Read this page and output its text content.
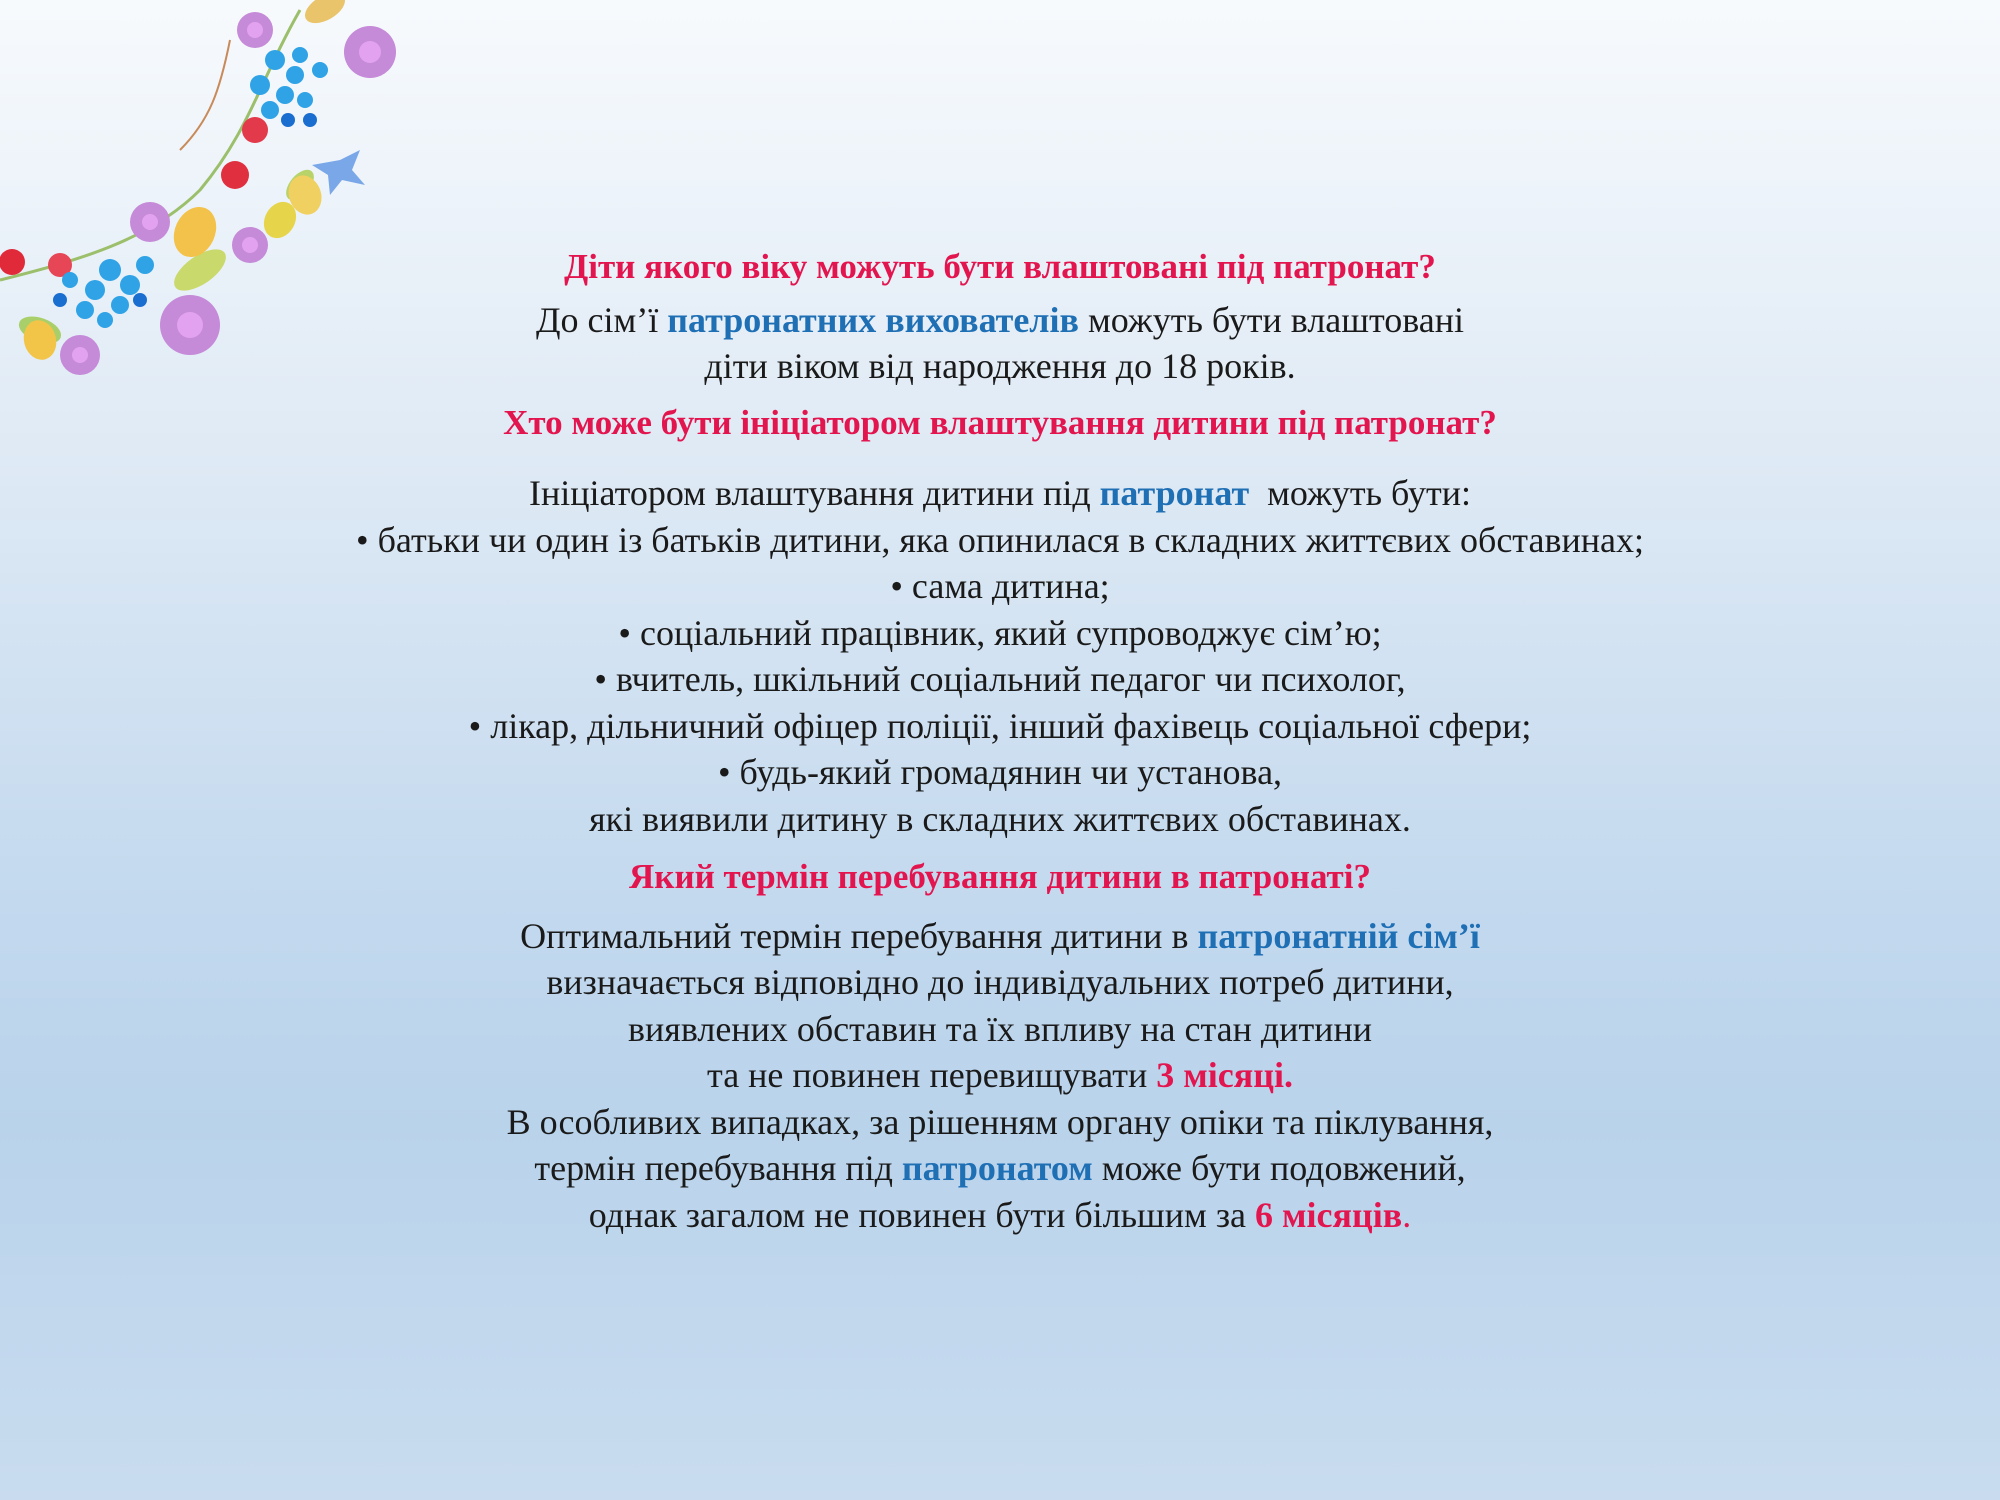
Діти якого віку можуть бути влаштовані під патронат?
До сім’ї патронатних вихователів можуть бути влаштовані
діти віком від народження до 18 років.
Хто може бути ініціатором влаштування дитини під патронат?
Ініціатором влаштування дитини під патронат  можуть бути:
• батьки чи один із батьків дитини, яка опинилася в складних життєвих обставинах;
• сама дитина;
• соціальний працівник, який супроводжує сім’ю;
• вчитель, шкільний соціальний педагог чи психолог,
• лікар, дільничний офіцер поліції, інший фахівець соціальної сфери;
• будь-який громадянин чи установа,
які виявили дитину в складних життєвих обставинах.
Який термін перебування дитини в патронаті?
Оптимальний термін перебування дитини в патронатній сім’ї
визначається відповідно до індивідуальних потреб дитини,
виявлених обставин та їх впливу на стан дитини
та не повинен перевищувати 3 місяці.
В особливих випадках, за рішенням органу опіки та піклування,
термін перебування під патронатом може бути подовжений,
однак загалом не повинен бути більшим за 6 місяців.
